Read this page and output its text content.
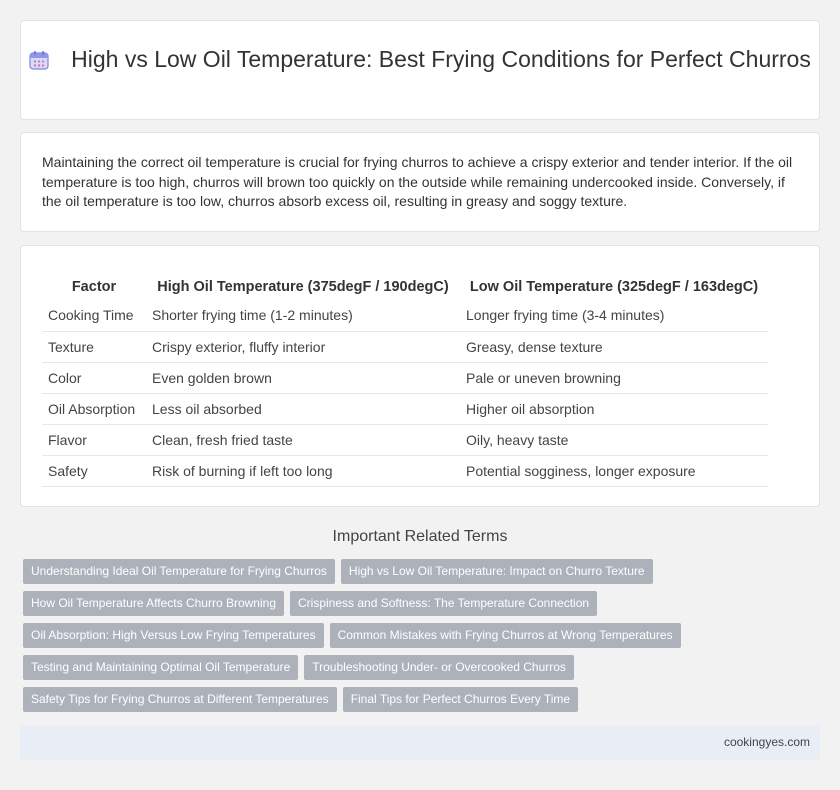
High vs Low Oil Temperature: Best Frying Conditions for Perfect Churros

Maintaining the correct oil temperature is crucial for frying churros to achieve a crispy exterior and tender interior. If the oil temperature is too high, churros will brown too quickly on the outside while remaining undercooked inside. Conversely, if the oil temperature is too low, churros absorb excess oil, resulting in greasy and soggy texture.

Factor	High Oil Temperature (375degF / 190degC)	Low Oil Temperature (325degF / 163degC)
Cooking Time	Shorter frying time (1-2 minutes)	Longer frying time (3-4 minutes)
Texture	Crispy exterior, fluffy interior	Greasy, dense texture
Color	Even golden brown	Pale or uneven browning
Oil Absorption	Less oil absorbed	Higher oil absorption
Flavor	Clean, fresh fried taste	Oily, heavy taste
Safety	Risk of burning if left too long	Potential sogginess, longer exposure
Important Related Terms
Understanding Ideal Oil Temperature for Frying Churros High vs Low Oil Temperature: Impact on Churro Texture
How Oil Temperature Affects Churro Browning Crispiness and Softness: The Temperature Connection
Oil Absorption: High Versus Low Frying Temperatures Common Mistakes with Frying Churros at Wrong Temperatures
Testing and Maintaining Optimal Oil Temperature Troubleshooting Under- or Overcooked Churros
Safety Tips for Frying Churros at Different Temperatures Final Tips for Perfect Churros Every Time
cookingyes.com
